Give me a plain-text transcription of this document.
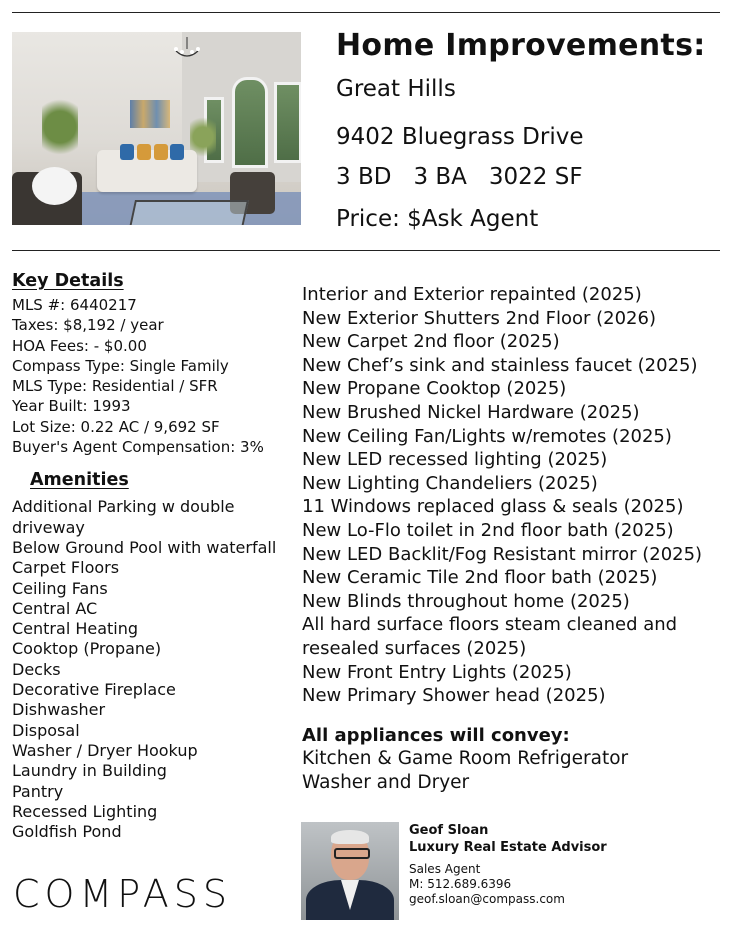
Home Improvements:
Great Hills
9402 Bluegrass Drive
3 BD 3 BA 3022 SF
Price: $Ask Agent
Key Details
MLS #: 6440217
Taxes: $8,192 / year
HOA Fees: - $0.00
Compass Type: Single Family
MLS Type: Residential / SFR
Year Built: 1993
Lot Size: 0.22 AC / 9,692 SF
Buyer's Agent Compensation: 3%
Amenities
Additional Parking w double driveway
Below Ground Pool with waterfall
Carpet Floors
Ceiling Fans
Central AC
Central Heating
Cooktop (Propane)
Decks
Decorative Fireplace
Dishwasher
Disposal
Washer / Dryer Hookup
Laundry in Building
Pantry
Recessed Lighting
Goldfish Pond
COMPASS
Interior and Exterior repainted (2025)
New Exterior Shutters 2nd Floor (2026)
New Carpet 2nd floor (2025)
New Chef’s sink and stainless faucet (2025)
New Propane Cooktop (2025)
New Brushed Nickel Hardware (2025)
New Ceiling Fan/Lights w/remotes (2025)
New LED recessed lighting (2025)
New Lighting Chandeliers (2025)
11 Windows replaced glass & seals (2025)
New Lo-Flo toilet in 2nd floor bath (2025)
New LED Backlit/Fog Resistant mirror (2025)
New Ceramic Tile 2nd floor bath (2025)
New Blinds throughout home (2025)
All hard surface floors steam cleaned and resealed surfaces (2025)
New Front Entry Lights (2025)
New Primary Shower head (2025)
All appliances will convey:
Kitchen & Game Room Refrigerator
Washer and Dryer
Geof Sloan
Luxury Real Estate Advisor
Sales Agent
M: 512.689.6396
geof.sloan@compass.com
